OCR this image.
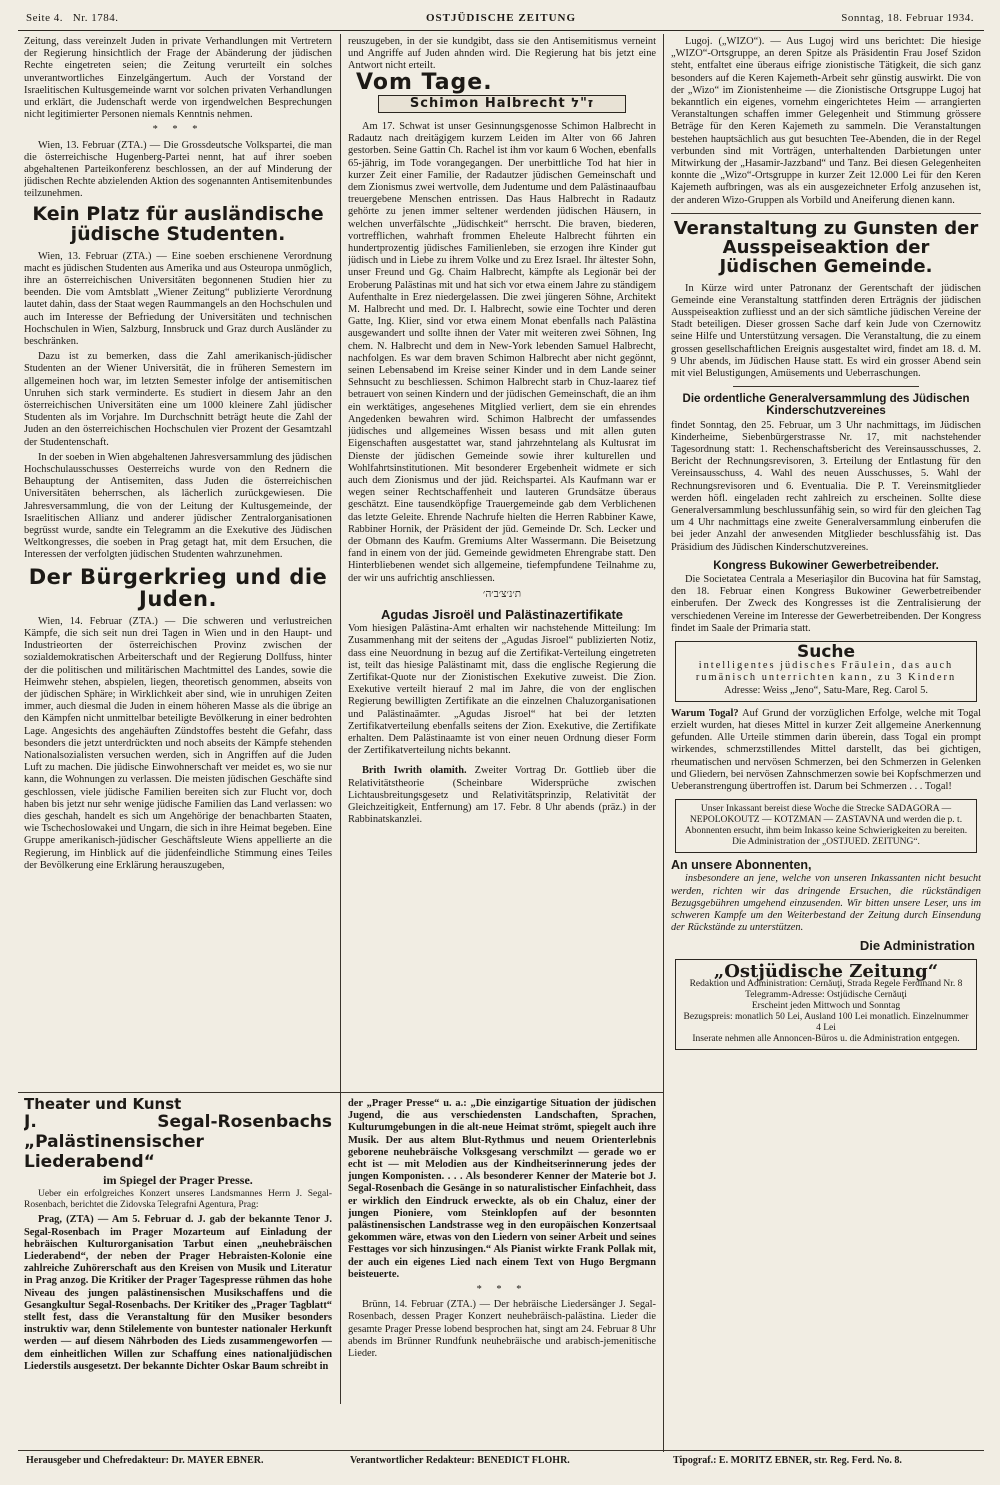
Seite 4. Nr. 1784.	OSTJÜDISCHE ZEITUNG	Sonntag, 18. Februar 1934.

Zeitung, dass vereinzelt Juden in private Verhandlungen mit Vertretern der Regierung hinsichtlich der Frage der Abänderung der jüdischen Rechte eingetreten seien; die Zeitung verurteilt ein solches unverantwortliches Einzelgängertum. Auch der Vorstand der Israelitischen Kultusgemeinde warnt vor solchen privaten Verhandlungen und erklärt, die Judenschaft werde von irgendwelchen Besprechungen nicht legitimierter Personen niemals Kenntnis nehmen.

* * *

Wien, 13. Februar (ZTA.) — Die Grossdeutsche Volkspartei, die man die österreichische Hugenberg-Partei nennt, hat auf ihrer soeben abgehaltenen Parteikonferenz beschlossen, an der auf Minderung der jüdischen Rechte abzielenden Aktion des sogenannten Antisemitenbundes teilzunehmen.

Kein Platz für ausländische jüdische Studenten.

Wien, 13. Februar (ZTA.) — Eine soeben erschienene Verordnung macht es jüdischen Studenten aus Amerika und aus Osteuropa unmöglich, ihre an österreichischen Universitäten begonnenen Studien hier zu beenden. Die vom Amtsblatt „Wiener Zeitung“ publizierte Verordnung lautet dahin, dass der Staat wegen Raummangels an den Hochschulen und auch im Interesse der Befriedung der Universitäten und technischen Hochschulen in Wien, Salzburg, Innsbruck und Graz durch Ausländer zu beschränken.

Dazu ist zu bemerken, dass die Zahl amerikanisch-jüdischer Studenten an der Wiener Universität, die in früheren Semestern im allgemeinen hoch war, im letzten Semester infolge der antisemitischen Unruhen sich stark verminderte. Es studiert in diesem Jahr an den österreichischen Universitäten eine um 1000 kleinere Zahl jüdischer Studenten als im Vorjahre. Im Durchschnitt beträgt heute die Zahl der Juden an den österreichischen Hochschulen vier Prozent der Gesamtzahl der Studentenschaft.

In der soeben in Wien abgehaltenen Jahresversammlung des jüdischen Hochschulausschusses Oesterreichs wurde von den Rednern die Behauptung der Antisemiten, dass Juden die österreichischen Universitäten beherrschen, als lächerlich zurückgewiesen. Die Jahresversammlung, die von der Leitung der Kultusgemeinde, der Israelitischen Allianz und anderer jüdischer Zentralorganisationen begrüsst wurde, sandte ein Telegramm an die Exekutive des Jüdischen Weltkongresses, die soeben in Prag getagt hat, mit dem Ersuchen, die Interessen der verfolgten jüdischen Studenten wahrzunehmen.

Der Bürgerkrieg und die Juden.

Wien, 14. Februar (ZTA.) — Die schweren und verlustreichen Kämpfe, die sich seit nun drei Tagen in Wien und in den Haupt- und Industrieorten der österreichischen Provinz zwischen der sozialdemokratischen Arbeiterschaft und der Regierung Dollfuss, hinter der die politischen und militärischen Machtmittel des Landes, sowie die Heimwehr stehen, abspielen, liegen, theoretisch genommen, abseits von der jüdischen Sphäre; in Wirklichkeit aber sind, wie in unruhigen Zeiten immer, auch diesmal die Juden in einem höheren Masse als die übrige an den Kämpfen nicht unmittelbar beteiligte Bevölkerung in einer bedrohten Lage. Angesichts des angehäuften Zündstoffes besteht die Gefahr, dass besonders die jetzt unterdrückten und noch abseits der Kämpfe stehenden Nationalsozialisten versuchen werden, sich in Angriffen auf die Juden Luft zu machen. Die jüdische Einwohnerschaft ver meidet es, wo sie nur kann, die Wohnungen zu verlassen. Die meisten jüdischen Geschäfte sind geschlossen, viele jüdische Familien bereiten sich zur Flucht vor, doch haben bis jetzt nur sehr wenige jüdische Familien das Land verlassen: wo dies geschah, handelt es sich um Angehörige der benachbarten Staaten, wie Tschechoslowakei und Ungarn, die sich in ihre Heimat begeben. Eine Gruppe amerikanisch-jüdischer Geschäftsleute Wiens appellierte an die Regierung, im Hinblick auf die jüdenfeindliche Stimmung eines Teiles der Bevölkerung eine Erklärung herauszugeben,

reuszugeben, in der sie kundgibt, dass sie den Antisemitismus verneint und Angriffe auf Juden ahnden wird. Die Regierung hat bis jetzt eine Antwort nicht erteilt.

Vom Tage.
Schimon Halbrecht ז"ל

Am 17. Schwat ist unser Gesinnungsgenosse Schimon Halbrecht in Radautz nach dreitägigem kurzem Leiden im Alter von 66 Jahren gestorben. Seine Gattin Ch. Rachel ist ihm vor kaum 6 Wochen, ebenfalls 65-jährig, im Tode vorangegangen. Der unerbittliche Tod hat hier in kurzer Zeit einer Familie, der Radautzer jüdischen Gemeinschaft und dem Zionismus zwei wertvolle, dem Judentume und dem Palästinaaufbau treuergebene Menschen entrissen. Das Haus Halbrecht in Radautz gehörte zu jenen immer seltener werdenden jüdischen Häusern, in welchen unverfälschte „Jüdischkeit“ herrscht. Die braven, biederen, vortrefflichen, wahrhaft frommen Eheleute Halbrecht führten ein hundertprozentig jüdisches Familienleben, sie erzogen ihre Kinder gut jüdisch und in Liebe zu ihrem Volke und zu Erez Israel. Ihr ältester Sohn, unser Freund und Gg. Chaim Halbrecht, kämpfte als Legionär bei der Eroberung Palästinas mit und hat sich vor etwa einem Jahre zu ständigem Aufenthalte in Erez niedergelassen. Die zwei jüngeren Söhne, Architekt M. Halbrecht und med. Dr. I. Halbrecht, sowie eine Tochter und deren Gatte, Ing. Klier, sind vor etwa einem Monat ebenfalls nach Palästina ausgewandert und sollte ihnen der Vater mit weiteren zwei Söhnen, Ing chem. N. Halbrecht und dem in New-York lebenden Samuel Halbrecht, nachfolgen. Es war dem braven Schimon Halbrecht aber nicht gegönnt, seinen Lebensabend im Kreise seiner Kinder und in dem Lande seiner Sehnsucht zu beschliessen. Schimon Halbrecht starb in Chuz-laarez tief betrauert von seinen Kindern und der jüdischen Gemeinschaft, die an ihm ein werktätiges, angesehenes Mitglied verliert, dem sie ein ehrendes Angedenken bewahren wird. Schimon Halbrecht der umfassendes jüdisches und allgemeines Wissen besass und mit allen guten Eigenschaften ausgestattet war, stand jahrzehntelang als Kultusrat im Dienste der jüdischen Gemeinde sowie ihrer kulturellen und Wohlfahrtsinstitutionen. Mit besonderer Ergebenheit widmete er sich auch dem Zionismus und der jüd. Reichspartei. Als Kaufmann war er wegen seiner Rechtschaffenheit und lauteren Grundsätze überaus geschätzt. Eine tausendköpfige Trauergemeinde gab dem Verblichenen das letzte Geleite. Ehrende Nachrufe hielten die Herren Rabbiner Kawe, Rabbiner Hornik, der Präsident der jüd. Gemeinde Dr. Sch. Lecker und der Obmann des Kaufm. Gremiums Alter Wassermann. Die Beisetzung fand in einem von der jüd. Gemeinde gewidmeten Ehrengrabe statt. Den Hinterbliebenen wendet sich allgemeine, tiefempfundene Teilnahme zu, der wir uns aufrichtig anschliessen.

ת׳נ׳צ׳ב׳ה׳
Agudas Jisroël und Palästinazertifikate

Vom hiesigen Palästina-Amt erhalten wir nachstehende Mitteilung: Im Zusammenhang mit der seitens der „Agudas Jisroel“ publizierten Notiz, dass eine Neuordnung in bezug auf die Zertifikat-Verteilung eingetreten ist, teilt das hiesige Palästinamt mit, dass die englische Regierung die Zertifikat-Quote nur der Zionistischen Exekutive zuweist. Die Zion. Exekutive verteilt hierauf 2 mal im Jahre, die von der englischen Regierung bewilligten Zertifikate an die einzelnen Chaluzorganisationen und Palästinaämter. „Agudas Jisroel“ hat bei der letzten Zertifikatverteilung ebenfalls seitens der Zion. Exekutive, die Zertifikate erhalten. Dem Palästinaamte ist von einer neuen Ordnung dieser Form der Zertifikatverteilung nichts bekannt.

Brith Iwrith olamith. Zweiter Vortrag Dr. Gottlieb über die Relativitätstheorie (Scheinbare Widersprüche zwischen Lichtausbreitungsgesetz und Relativitätsprinzip, Relativität der Gleichzeitigkeit, Entfernung) am 17. Febr. 8 Uhr abends (präz.) in der Rabbinatskanzlei.

Lugoj. („WIZO“). — Aus Lugoj wird uns berichtet: Die hiesige „WIZO“-Ortsgruppe, an deren Spitze als Präsidentin Frau Josef Szidon steht, entfaltet eine überaus eifrige zionistische Tätigkeit, die sich ganz besonders auf die Keren Kajemeth-Arbeit sehr günstig auswirkt. Die von der „Wizo“ im Zionistenheime — die Zionistische Ortsgruppe Lugoj hat bekanntlich ein eigenes, vornehm eingerichtetes Heim — arrangierten Veranstaltungen schaffen immer Gelegenheit und Stimmung grössere Beträge für den Keren Kajemeth zu sammeln. Die Veranstaltungen bestehen hauptsächlich aus gut besuchten Tee-Abenden, die in der Regel verbunden sind mit Vorträgen, unterhaltenden Darbietungen unter Mitwirkung der „Hasamir-Jazzband“ und Tanz. Bei diesen Gelegenheiten konnte die „Wizo“-Ortsgruppe in kurzer Zeit 12.000 Lei für den Keren Kajemeth aufbringen, was als ein ausgezeichneter Erfolg anzusehen ist, der anderen Wizo-Gruppen als Vorbild und Aneiferung dienen kann.

Veranstaltung zu Gunsten der Ausspeiseaktion der Jüdischen Gemeinde.

In Kürze wird unter Patronanz der Gerentschaft der jüdischen Gemeinde eine Veranstaltung stattfinden deren Erträgnis der jüdischen Ausspeiseaktion zufliesst und an der sich sämtliche jüdischen Vereine der Stadt beteiligen. Dieser grossen Sache darf kein Jude von Czernowitz seine Hilfe und Unterstützung versagen. Die Veranstaltung, die zu einem grossen gesellschaftlichen Ereignis ausgestaltet wird, findet am 18. d. M. 9 Uhr abends, im Jüdischen Hause statt. Es wird ein grosser Abend sein mit viel Belustigungen, Amüsements und Ueberraschungen.

Die ordentliche Generalversammlung des Jüdischen Kinderschutzvereines

findet Sonntag, den 25. Februar, um 3 Uhr nachmittags, im Jüdischen Kinderheime, Siebenbürgerstrasse Nr. 17, mit nachstehender Tagesordnung statt: 1. Rechenschaftsbericht des Vereinsausschusses, 2. Bericht der Rechnungsrevisoren, 3. Erteilung der Entlastung für den Vereinsausschuss, 4. Wahl des neuen Ausschusses, 5. Wahl der Rechnungsrevisoren und 6. Eventualia. Die P. T. Vereinsmitglieder werden höfl. eingeladen recht zahlreich zu erscheinen. Sollte diese Generalversammlung beschlussunfähig sein, so wird für den gleichen Tag um 4 Uhr nachmittags eine zweite Generalversammlung einberufen die bei jeder Anzahl der anwesenden Mitglieder beschlussfähig ist. Das Präsidium des Jüdischen Kinderschutzvereines.

Kongress Bukowiner Gewerbetreibender.

Die Societatea Centrala a Meseriaşilor din Bucovina hat für Samstag, den 18. Februar einen Kongress Bukowiner Gewerbetreibender einberufen. Der Zweck des Kongresses ist die Zentralisierung der verschiedenen Vereine im Interesse der Gewerbetreibenden. Der Kongress findet im Saale der Primaria statt.

Suche
intelligentes jüdisches Fräulein, das auch rumänisch unterrichten kann, zu 3 Kindern
Adresse: Weiss „Jeno“, Satu-Mare, Reg. Carol 5.

Warum Togal? Auf Grund der vorzüglichen Erfolge, welche mit Togal erzielt wurden, hat dieses Mittel in kurzer Zeit allgemeine Anerkennung gefunden. Alle Urteile stimmen darin überein, dass Togal ein prompt wirkendes, schmerzstillendes Mittel darstellt, das bei gichtigen, rheumatischen und nervösen Schmerzen, bei den Schmerzen in Gelenken und Gliedern, bei nervösen Zahnschmerzen sowie bei Kopfschmerzen und Ueberanstrengung übertroffen ist. Darum bei Schmerzen . . . Togal!

Unser Inkassant bereist diese Woche die Strecke SADAGORA — NEPOLOKOUTZ — KOTZMAN — ZASTAVNA und werden die p. t. Abonnenten ersucht, ihm beim Inkasso keine Schwierigkeiten zu bereiten. Die Administration der „OSTJUED. ZEITUNG“.
An unsere Abonnenten,

insbesondere an jene, welche von unseren Inkassanten nicht besucht werden, richten wir das dringende Ersuchen, die rückständigen Bezugsgebühren umgehend einzusenden. Wir bitten unsere Leser, uns im schweren Kampfe um den Weiterbestand der Zeitung durch Einsendung der Rückstände zu unterstützen.

Die Administration
„Ostjüdische Zeitung“
Redaktion und Administration: Cernăuţi, Strada Regele Ferdinand Nr. 8
Telegramm-Adresse: Ostjüdische Cernăuţi
Erscheint jeden Mittwoch und Sonntag
Bezugspreis: monatlich 50 Lei, Ausland 100 Lei monatlich. Einzelnummer 4 Lei
Inserate nehmen alle Annoncen-Büros u. die Administration entgegen.
Theater und Kunst
J. Segal-Rosenbachs „Palästinensischer Liederabend“
im Spiegel der Prager Presse.

Ueber ein erfolgreiches Konzert unseres Landsmannes Herrn J. Segal-Rosenbach, berichtet die Zidovska Telegrafni Agentura, Prag:

Prag, (ZTA) — Am 5. Februar d. J. gab der bekannte Tenor J. Segal-Rosenbach im Prager Mozarteum auf Einladung der hebräischen Kulturorganisation Tarbut einen „neuhebräischen Liederabend“, der neben der Prager Hebraisten-Kolonie eine zahlreiche Zuhörerschaft aus den Kreisen von Musik und Literatur in Prag anzog. Die Kritiker der Prager Tagespresse rühmen das hohe Niveau des jungen palästinensischen Musikschaffens und die Gesangkultur Segal-Rosenbachs. Der Kritiker des „Prager Tagblatt“ stellt fest, dass die Veranstaltung für den Musiker besonders instruktiv war, denn Stilelemente von buntester nationaler Herkunft werden — auf diesem Nährboden des Lieds zusammengeworfen — dem einheitlichen Willen zur Schaffung eines nationaljüdischen Liederstils ausgesetzt. Der bekannte Dichter Oskar Baum schreibt in

der „Prager Presse“ u. a.: „Die einzigartige Situation der jüdischen Jugend, die aus verschiedensten Landschaften, Sprachen, Kulturumgebungen in die alt-neue Heimat strömt, spiegelt auch ihre Musik. Der aus altem Blut-Rythmus und neuem Orienterlebnis geborene neuhebräische Volksgesang verschmilzt — gerade wo er echt ist — mit Melodien aus der Kindheitserinnerung jedes der jungen Komponisten. . . . Als besonderer Kenner der Materie bot J. Segal-Rosenbach die Gesänge in so naturalistischer Einfachheit, dass er wirklich den Eindruck erweckte, als ob ein Chaluz, einer der jungen Pioniere, vom Steinklopfen auf der besonnten palästinensischen Landstrasse weg in den europäischen Konzertsaal gekommen wäre, etwas von den Liedern von seiner Arbeit und seines Festtages vor sich hinzusingen.“ Als Pianist wirkte Frank Pollak mit, der auch ein eigenes Lied nach einem Text von Hugo Bergmann beisteuerte.

* * *

Brünn, 14. Februar (ZTA.) — Der hebräische Liedersänger J. Segal-Rosenbach, dessen Prager Konzert neuhebräisch-palästina. Lieder die gesamte Prager Presse lobend besprochen hat, singt am 24. Februar 8 Uhr abends im Brünner Rundfunk neuhebräische und arabisch-jemenitische Lieder.

Herausgeber und Chefredakteur: Dr. MAYER EBNER.	Verantwortlicher Redakteur: BENEDICT FLOHR.	Tipograf.: E. MORITZ EBNER, str. Reg. Ferd. No. 8.
